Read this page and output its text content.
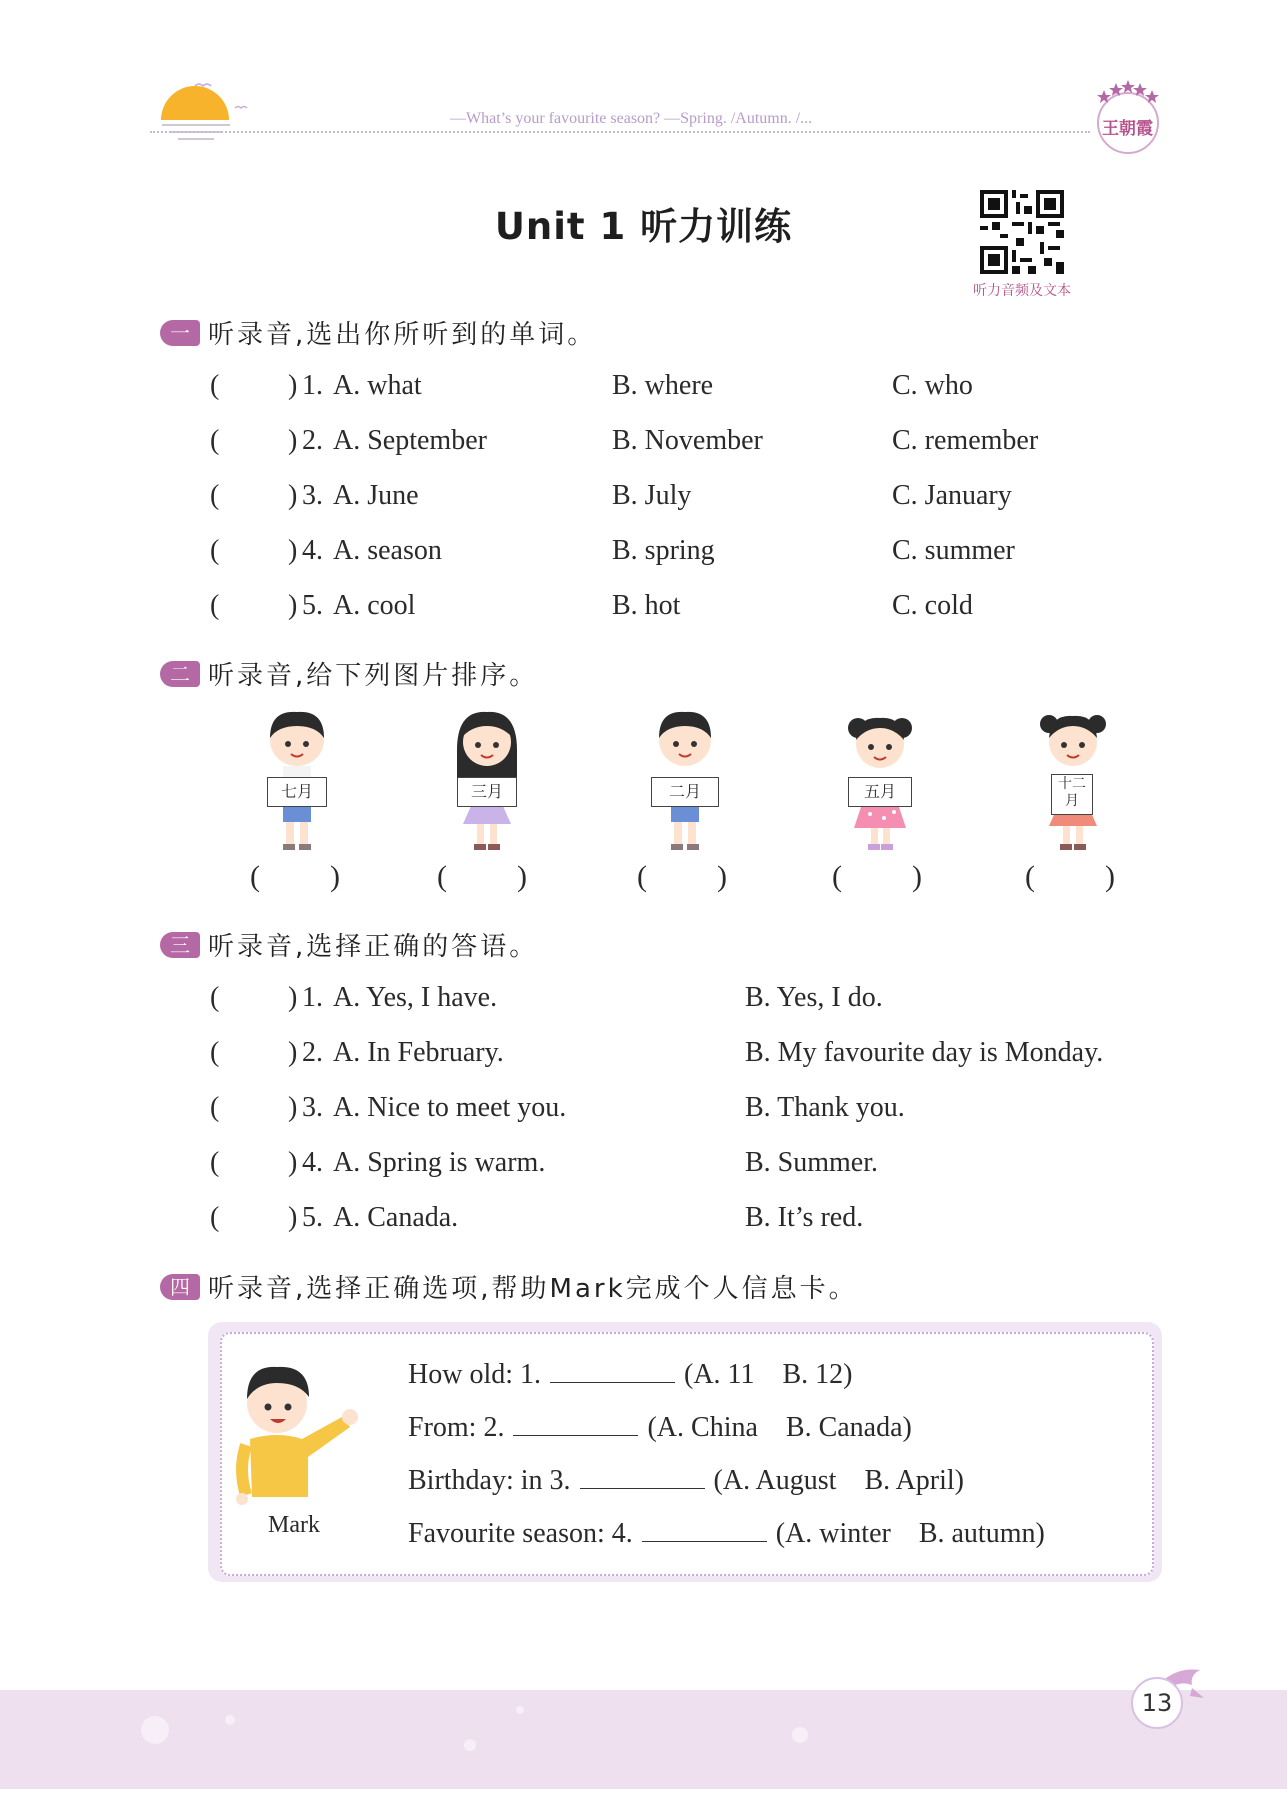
—What’s your favourite season? —Spring. /Autumn. /...
王朝霞
Unit 1 听力训练
听力音频及文本
一 听录音,选出你所听到的单词。
( ) 1. A. what	B. where	C. who
( ) 2. A. September	B. November	C. remember
( ) 3. A. June	B. July	C. January
( ) 4. A. season	B. spring	C. summer
( ) 5. A. cool	B. hot	C. cold
二 听录音,给下列图片排序。
七月
( )
三月
( )
二月
( )
五月
( )
十二月
( )
三 听录音,选择正确的答语。
( ) 1. A. Yes, I have.	B. Yes, I do.
( ) 2. A. In February.	B. My favourite day is Monday.
( ) 3. A. Nice to meet you.	B. Thank you.
( ) 4. A. Spring is warm.	B. Summer.
( ) 5. A. Canada.	B. It’s red.
四 听录音,选择正确选项,帮助Mark完成个人信息卡。
Mark
How old: 1.	(A. 11    B. 12)
From: 2.	(A. China    B. Canada)
Birthday: in 3.	(A. August    B. April)
Favourite season: 4.	(A. winter    B. autumn)
13
